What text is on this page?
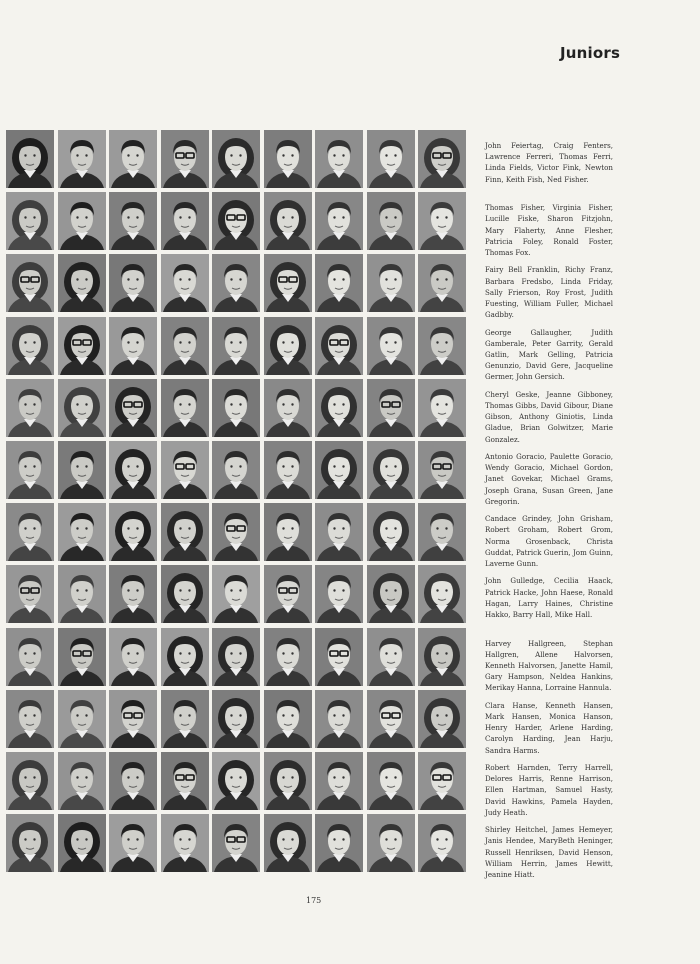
Juniors

John Feiertag, Craig Fenters, Lawrence Ferreri, Thomas Ferri, Linda Fields, Victor Fink, Newton Finn, Keith Fish, Ned Fisher.

Thomas Fisher, Virginia Fisher, Lucille Fiske, Sharon Fitzjohn, Mary Flaherty, Anne Flesher, Patricia Foley, Ronald Foster, Thomas Fox.

Fairy Bell Franklin, Richy Franz, Barbara Fredsbo, Linda Friday, Sally Frierson, Roy Frost, Judith Fuesting, William Fuller, Michael Gadbby.

George Gallaugher, Judith Gamberale, Peter Garrity, Gerald Gatlin, Mark Gelling, Patricia Genunzio, David Gere, Jacqueline Germer, John Gersich.

Cheryl Geske, Jeanne Gibboney, Thomas Gibbs, David Gibour, Diane Gibson, Anthony Giniotis, Linda Gladue, Brian Golwitzer, Marie Gonzalez.

Antonio Goracio, Paulette Goracio, Wendy Goracio, Michael Gordon, Janet Govekar, Michael Grams, Joseph Grana, Susan Green, Jane Gregorin.

Candace Grindey, John Grisham, Robert Groham, Robert Grom, Norma Grosenback, Christa Guddat, Patrick Guerin, Jom Guinn, Laverne Gunn.

John Gulledge, Cecilia Haack, Patrick Hacke, John Haese, Ronald Hagan, Larry Haines, Christine Hakko, Barry Hall, Mike Hall.

Harvey Hallgreen, Stephan Hallgren, Allene Halvorsen, Kenneth Halvorsen, Janette Hamil, Gary Hampson, Neldea Hankins, Merikay Hanna, Lorraine Hannula.

Clara Hanse, Kenneth Hansen, Mark Hansen, Monica Hanson, Henry Harder, Arlene Harding, Carolyn Harding, Jean Harju, Sandra Harms.

Robert Harnden, Terry Harrell, Delores Harris, Renne Harrison, Ellen Hartman, Samuel Hasty, David Hawkins, Pamela Hayden, Judy Heath.

Shirley Heitchel, James Hemeyer, Janis Hendee, MaryBeth Heninger, Russell Henriksen, David Henson, William Herrin, James Hewitt, Jeanine Hiatt.

175
